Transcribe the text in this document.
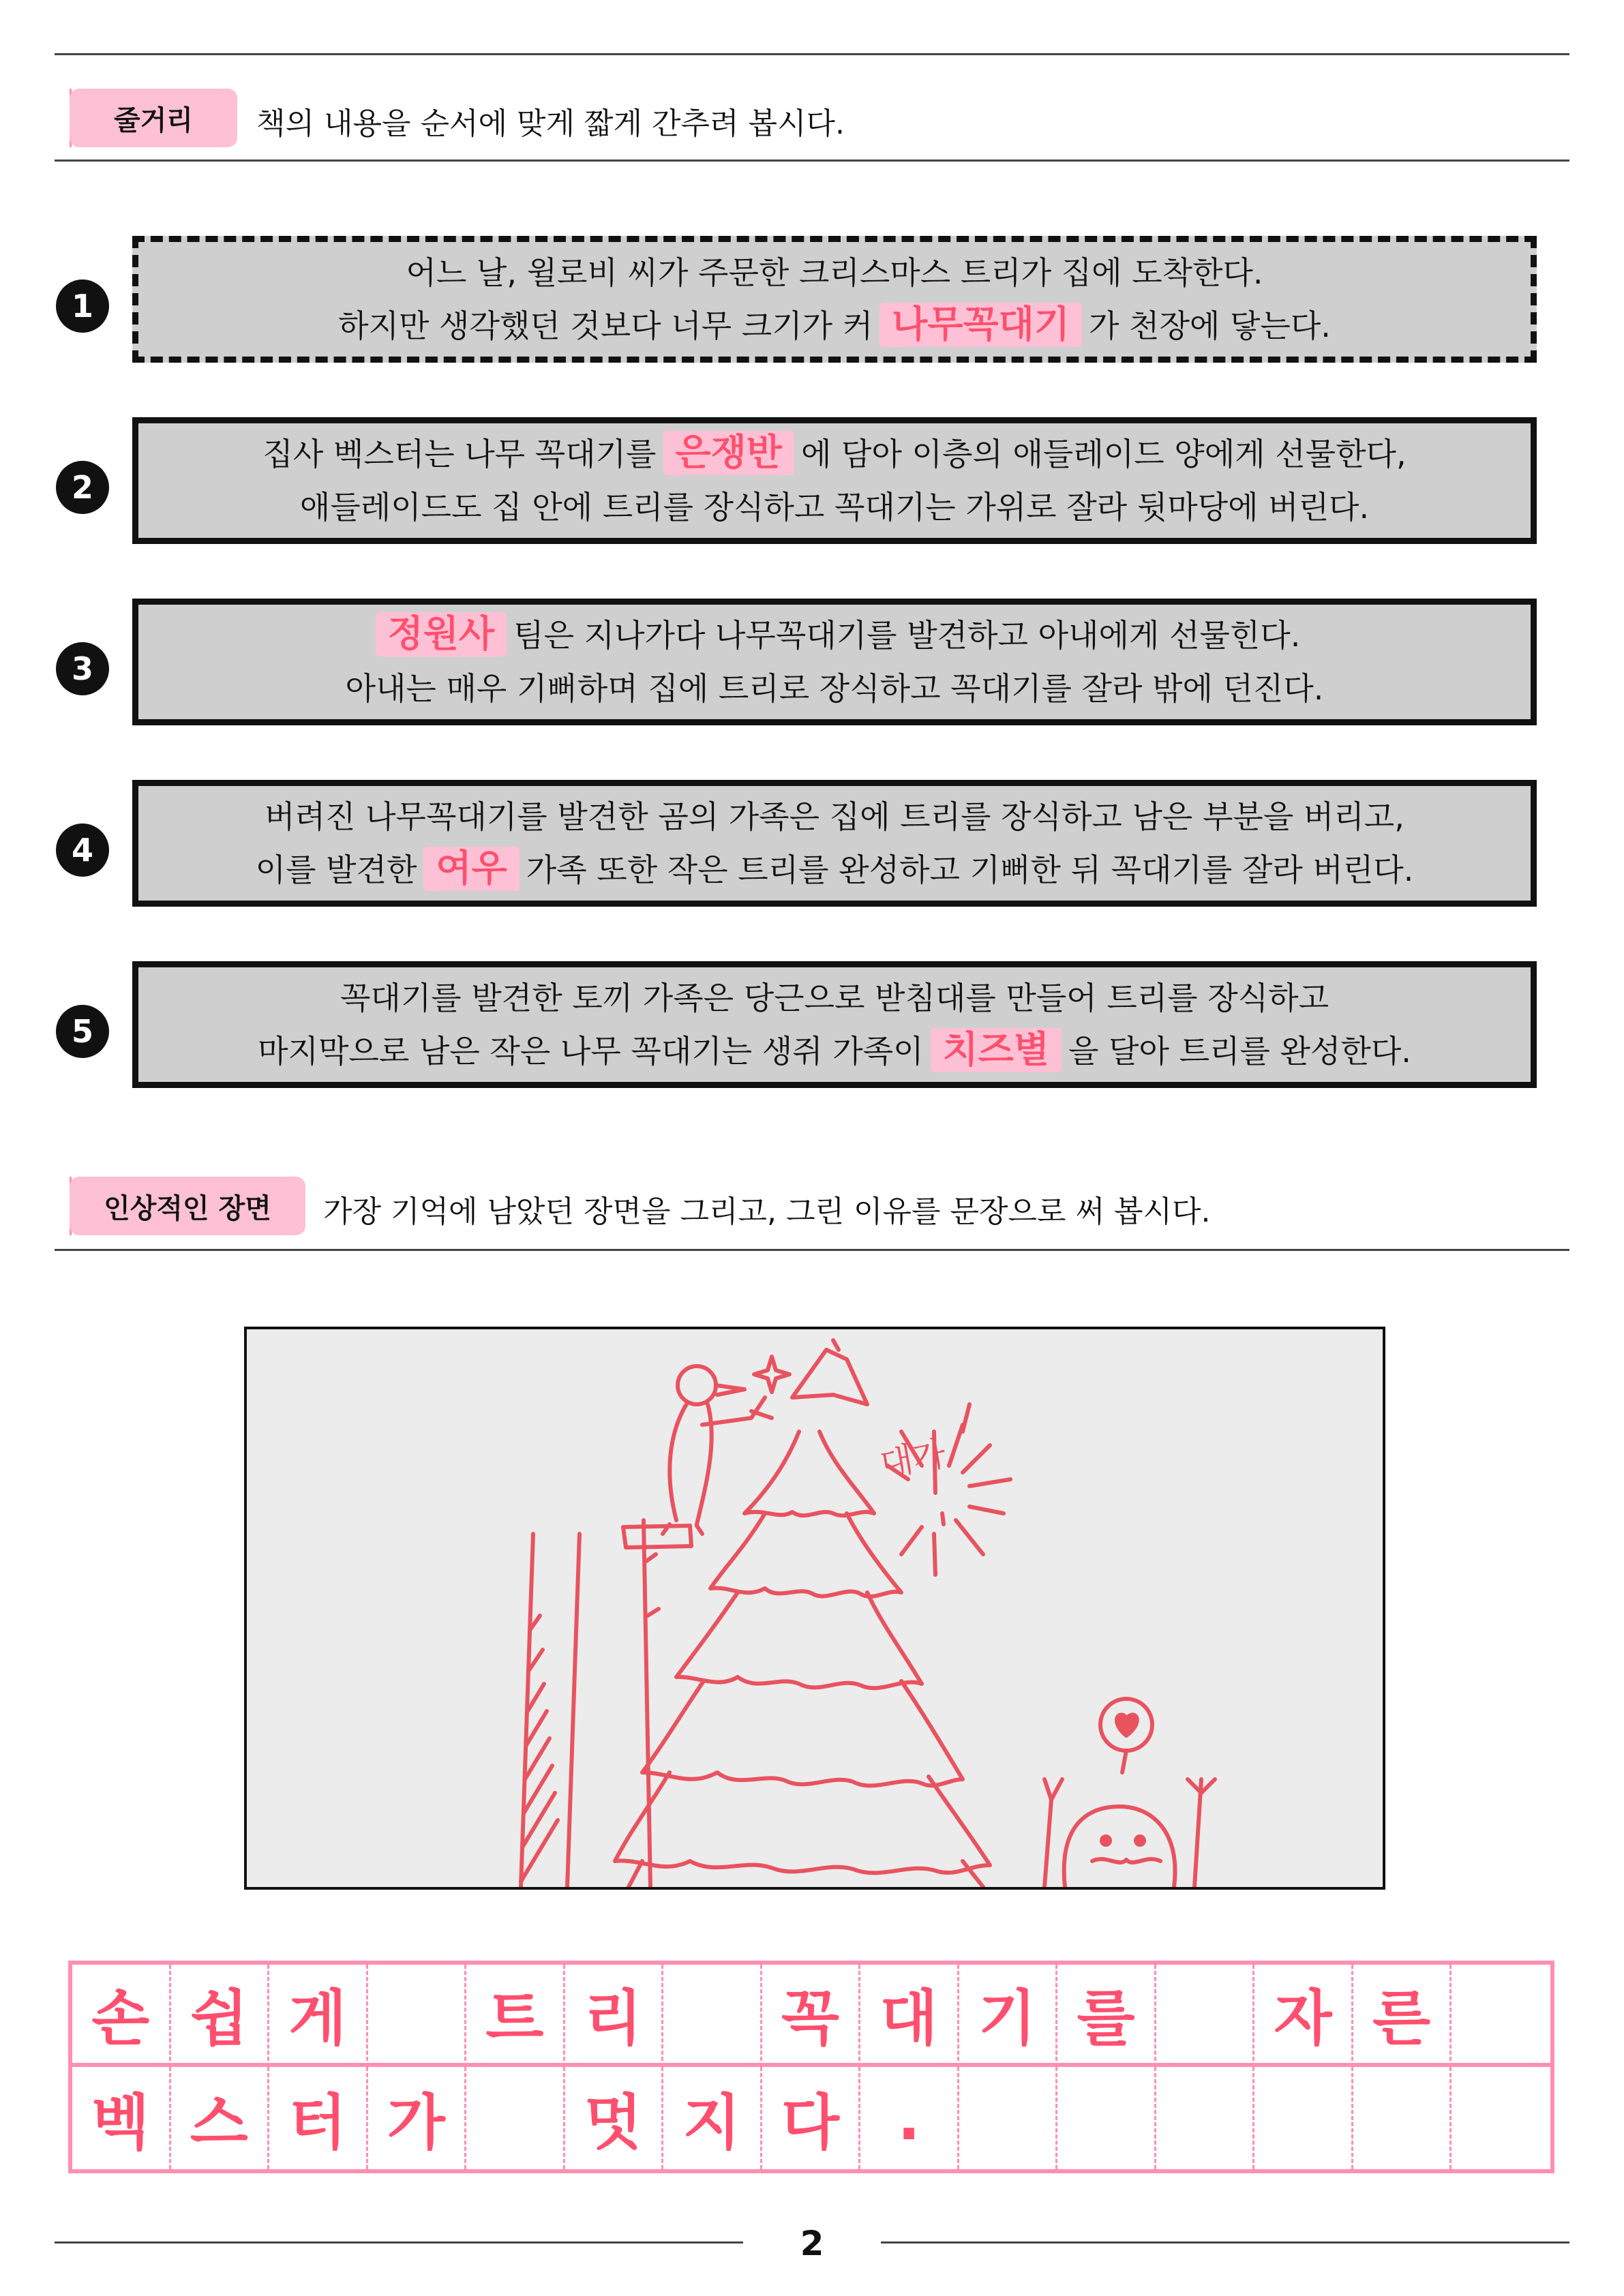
줄거리	책의 내용을 순서에 맞게 짧게 간추려 봅시다.
1
어느 날, 윌로비 씨가 주문한 크리스마스 트리가 집에 도착한다.
하지만 생각했던 것보다 너무 크기가 커 나무꼭대기 가 천장에 닿는다.
2
집사 벡스터는 나무 꼭대기를 은쟁반 에 담아 이층의 애들레이드 양에게 선물한다,
애들레이드도 집 안에 트리를 장식하고 꼭대기는 가위로 잘라 뒷마당에 버린다.
3
정원사 팀은 지나가다 나무꼭대기를 발견하고 아내에게 선물힌다.
아내는 매우 기뻐하며 집에 트리로 장식하고 꼭대기를 잘라 밖에 던진다.
4
버려진 나무꼭대기를 발견한 곰의 가족은 집에 트리를 장식하고 남은 부분을 버리고,
이를 발견한 여우 가족 또한 작은 트리를 완성하고 기뻐한 뒤 꼭대기를 잘라 버린다.
5
꼭대기를 발견한 토끼 가족은 당근으로 받침대를 만들어 트리를 장식하고
마지막으로 남은 작은 나무 꼭대기는 생쥐 가족이 치즈별 을 달아 트리를 완성한다.
인상적인 장면	가장 기억에 남았던 장면을 그리고, 그린 이유를 문장으로 써 봅시다.
대가
손 쉽 게	트 리	꼭 대 기 를	자 른
벡 스 터 가	멋 지 다 .
2
